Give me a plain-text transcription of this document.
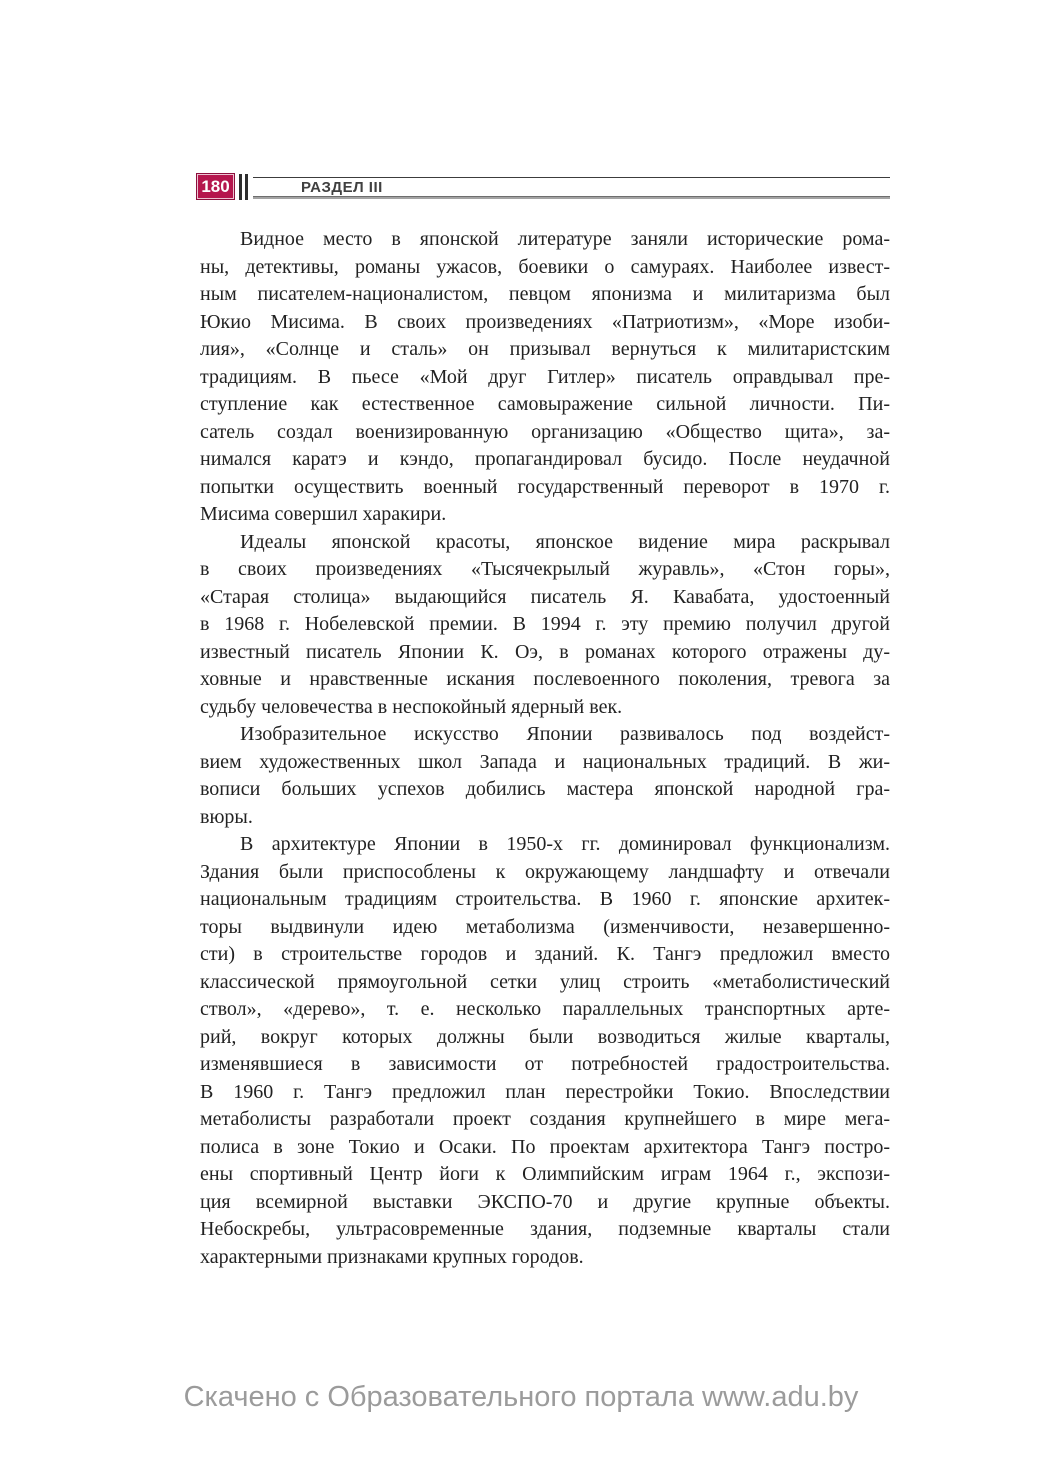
180	РАЗДЕЛ III
Видное место в японской литературе заняли исторические рома-
ны, детективы, романы ужасов, боевики о самураях. Наиболее извест-
ным писателем-националистом, певцом японизма и милитаризма был
Юкио Мисима. В своих произведениях «Патриотизм», «Море изоби-
лия», «Солнце и сталь» он призывал вернуться к милитаристским
традициям. В пьесе «Мой друг Гитлер» писатель оправдывал пре-
ступление как естественное самовыражение сильной личности. Пи-
сатель создал военизированную организацию «Общество щита», за-
нимался каратэ и кэндо, пропагандировал бусидо. После неудачной
попытки осуществить военный государственный переворот в 1970 г.
Мисима совершил харакири.
Идеалы японской красоты, японское видение мира раскрывал
в своих произведениях «Тысячекрылый журавль», «Стон горы»,
«Старая столица» выдающийся писатель Я. Кавабата, удостоенный
в 1968 г. Нобелевской премии. В 1994 г. эту премию получил другой
известный писатель Японии К. Оэ, в романах которого отражены ду-
ховные и нравственные искания послевоенного поколения, тревога за
судьбу человечества в неспокойный ядерный век.
Изобразительное искусство Японии развивалось под воздейст-
вием художественных школ Запада и национальных традиций. В жи-
вописи больших успехов добились мастера японской народной гра-
вюры.
В архитектуре Японии в 1950-х гг. доминировал функционализм.
Здания были приспособлены к окружающему ландшафту и отвечали
национальным традициям строительства. В 1960 г. японские архитек-
торы выдвинули идею метаболизма (изменчивости, незавершенно-
сти) в строительстве городов и зданий. К. Тангэ предложил вместо
классической прямоугольной сетки улиц строить «метаболистический
ствол», «дерево», т. е. несколько параллельных транспортных арте-
рий, вокруг которых должны были возводиться жилые кварталы,
изменявшиеся в зависимости от потребностей градостроительства.
В 1960 г. Тангэ предложил план перестройки Токио. Впоследствии
метаболисты разработали проект создания крупнейшего в мире мега-
полиса в зоне Токио и Осаки. По проектам архитектора Тангэ постро-
ены спортивный Центр йоги к Олимпийским играм 1964 г., экспози-
ция всемирной выставки ЭКСПО-70 и другие крупные объекты.
Небоскребы, ультрасовременные здания, подземные кварталы стали
характерными признаками крупных городов.
Скачено с Образовательного портала www.adu.by
